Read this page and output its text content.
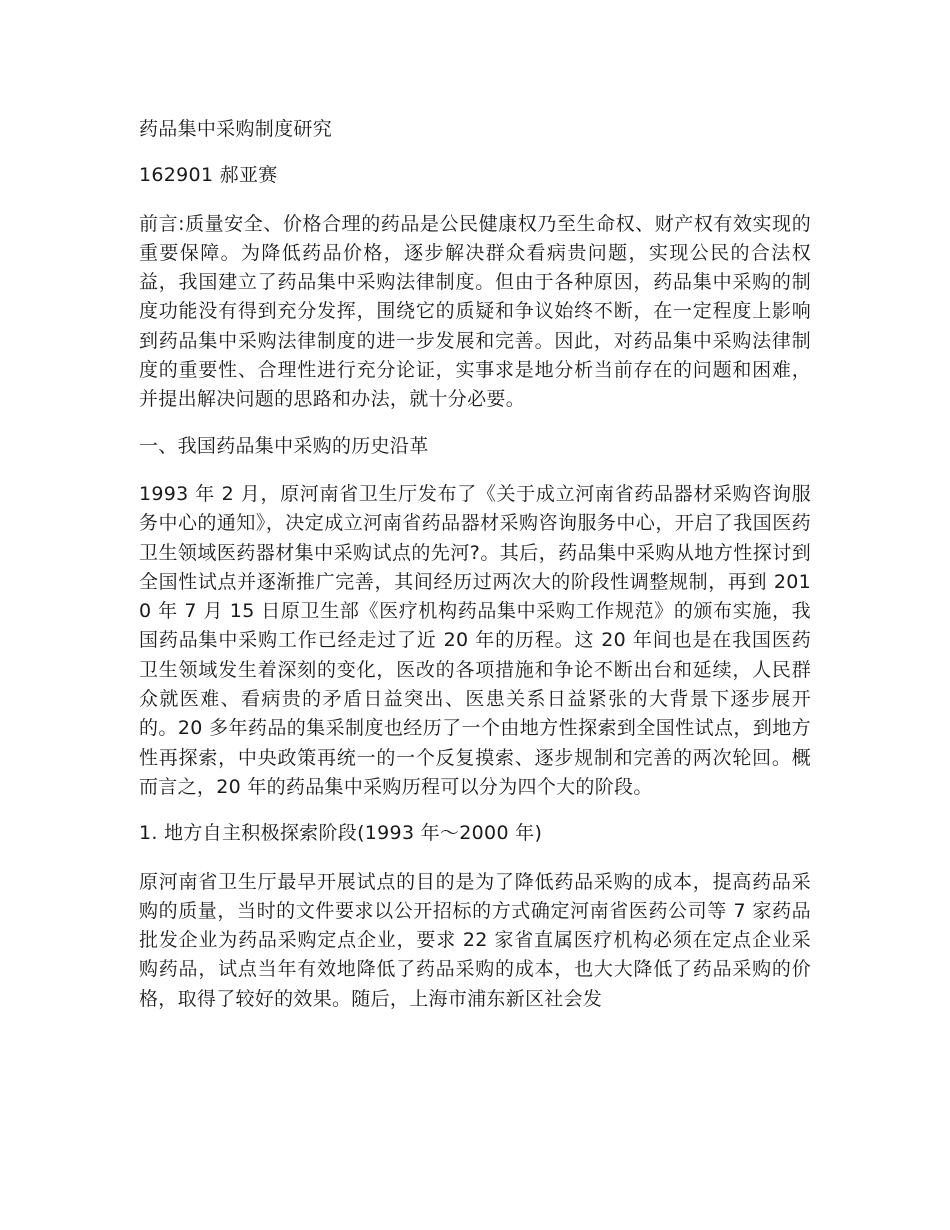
药品集中采购制度研究

162901 郝亚赛

前言:质量安全、价格合理的药品是公民健康权乃至生命权、财产权有效实现的重要保障。为降低药品价格，逐步解决群众看病贵问题，实现公民的合法权益，我国建立了药品集中采购法律制度。但由于各种原因，药品集中采购的制度功能没有得到充分发挥，围绕它的质疑和争议始终不断，在一定程度上影响到药品集中采购法律制度的进一步发展和完善。因此，对药品集中采购法律制度的重要性、合理性进行充分论证，实事求是地分析当前存在的问题和困难，并提出解决问题的思路和办法，就十分必要。

一、我国药品集中采购的历史沿革

1993 年 2 月，原河南省卫生厅发布了《关于成立河南省药品器材采购咨询服务中心的通知》，决定成立河南省药品器材采购咨询服务中心，开启了我国医药卫生领域医药器材集中采购试点的先河?。其后，药品集中采购从地方性探讨到全国性试点并逐渐推广完善，其间经历过两次大的阶段性调整规制，再到 2010 年 7 月 15 日原卫生部《医疗机构药品集中采购工作规范》的颁布实施，我国药品集中采购工作已经走过了近 20 年的历程。这 20 年间也是在我国医药卫生领域发生着深刻的变化，医改的各项措施和争论不断出台和延续，人民群众就医难、看病贵的矛盾日益突出、医患关系日益紧张的大背景下逐步展开的。20 多年药品的集采制度也经历了一个由地方性探索到全国性试点，到地方性再探索，中央政策再统一的一个反复摸索、逐步规制和完善的两次轮回。概而言之，20 年的药品集中采购历程可以分为四个大的阶段。

1. 地方自主积极探索阶段(1993 年～2000 年)

原河南省卫生厅最早开展试点的目的是为了降低药品采购的成本，提高药品采购的质量，当时的文件要求以公开招标的方式确定河南省医药公司等 7 家药品批发企业为药品采购定点企业，要求 22 家省直属医疗机构必须在定点企业采购药品，试点当年有效地降低了药品采购的成本，也大大降低了药品采购的价格，取得了较好的效果。随后，上海市浦东新区社会发
